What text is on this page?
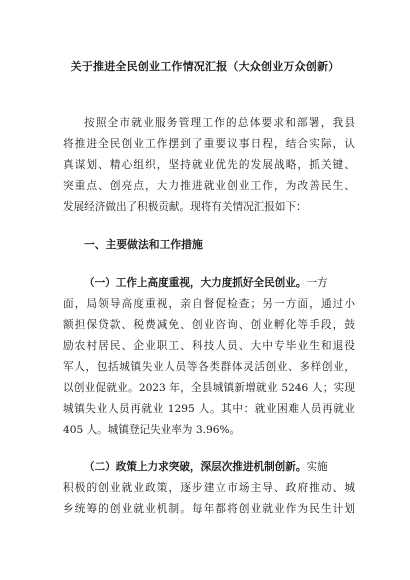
关于推进全民创业工作情况汇报（大众创业万众创新）
按照全市就业服务管理工作的总体要求和部署，我县
将推进全民创业工作摆到了重要议事日程，结合实际，认
真谋划、精心组织，坚持就业优先的发展战略，抓关键、
突重点、创亮点，大力推进就业创业工作，为改善民生、
发展经济做出了积极贡献。现将有关情况汇报如下：
一、主要做法和工作措施
（一）工作上高度重视，大力度抓好全民创业。一方
面，局领导高度重视，亲自督促检查；另一方面，通过小
额担保贷款、税费减免、创业咨询、创业孵化等手段，鼓
励农村居民、企业职工、科技人员、大中专毕业生和退役
军人，包括城镇失业人员等各类群体灵活创业、多样创业，
以创业促就业。2023 年，全县城镇新增就业 5246 人；实现
城镇失业人员再就业 1295 人。其中：就业困难人员再就业
405 人。城镇登记失业率为 3.96%。
（二）政策上力求突破，深层次推进机制创新。实施
积极的创业就业政策，逐步建立市场主导、政府推动、城
乡统筹的创业就业机制。每年都将创业就业作为民生计划
